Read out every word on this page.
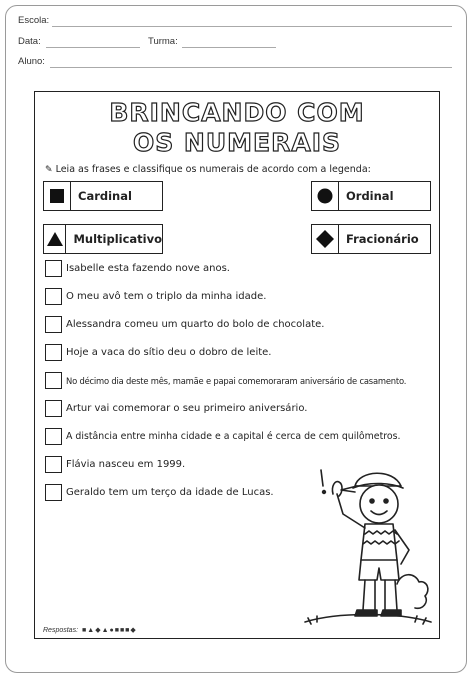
Escola:
Data:	Turma:
Aluno:
BRINCANDO COM
OS NUMERAIS
✎ Leia as frases e classifique os numerais de acordo com a legenda:
Cardinal	Ordinal
Multiplicativo	Fracionário
Isabelle esta fazendo nove anos.
O meu avô tem o triplo da minha idade.
Alessandra comeu um quarto do bolo de chocolate.
Hoje a vaca do sítio deu o dobro de leite.
No décimo dia deste mês, mamãe e papai comemoraram aniversário de casamento.
Artur vai comemorar o seu primeiro aniversário.
A distância entre minha cidade e a capital é cerca de cem quilômetros.
Flávia nasceu em 1999.
Geraldo tem um terço da idade de Lucas.
Respostas: ■▲◆▲●■■■◆
